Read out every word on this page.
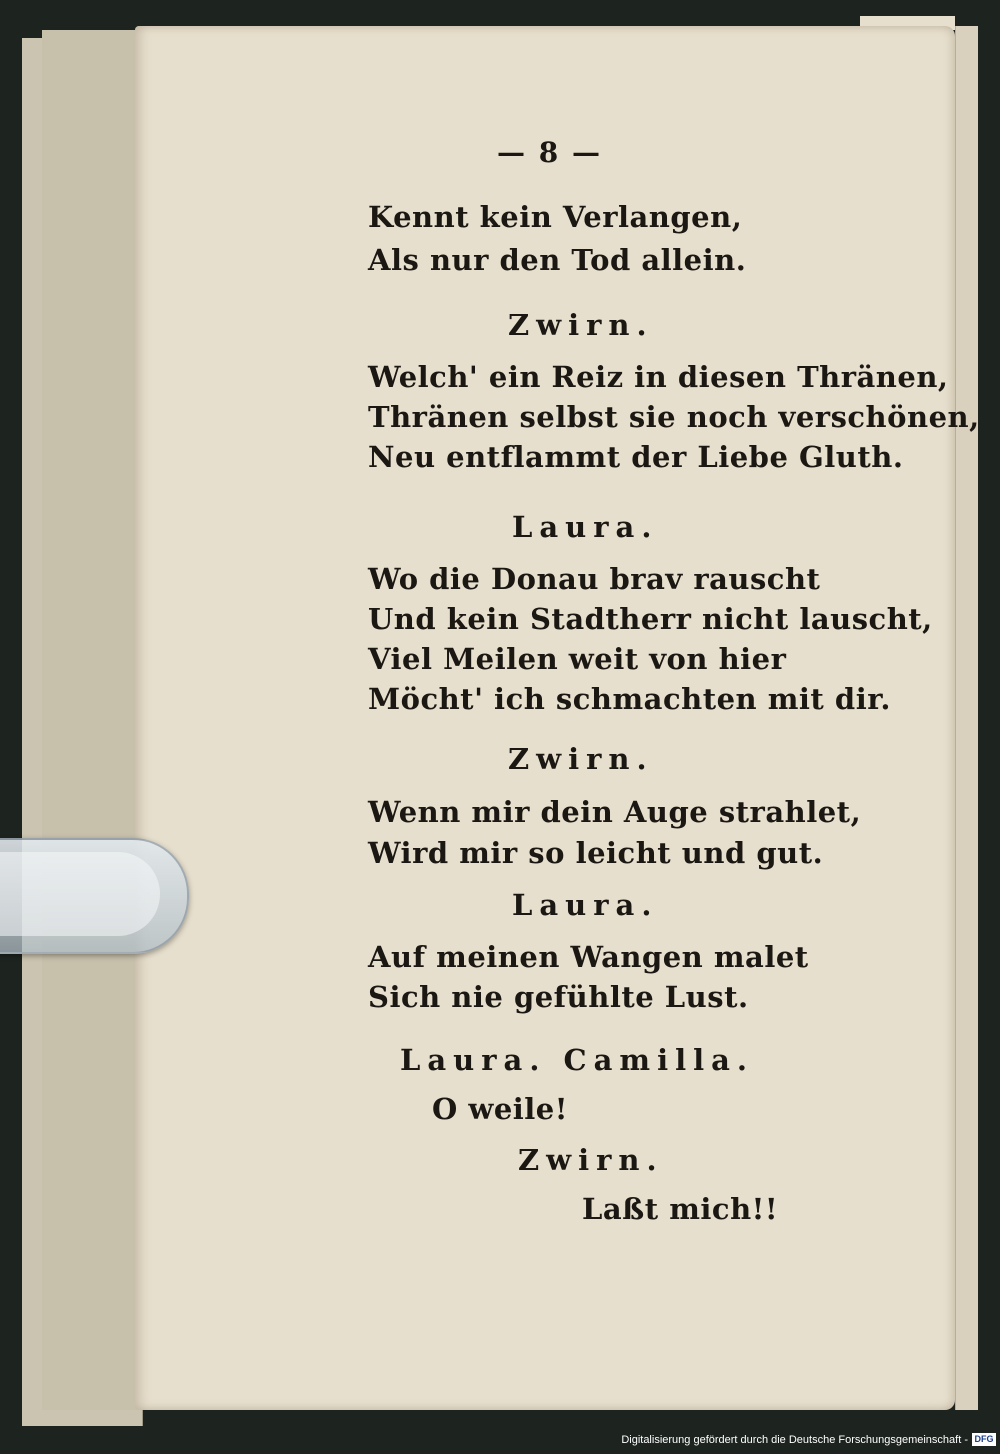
— 8 —
Kennt kein Verlangen,
Als nur den Tod allein.
Zwirn.
Welch' ein Reiz in diesen Thränen,
Thränen selbst sie noch verschönen,
Neu entflammt der Liebe Gluth.
Laura.
Wo die Donau brav rauscht
Und kein Stadtherr nicht lauscht,
Viel Meilen weit von hier
Möcht' ich schmachten mit dir.
Zwirn.
Wenn mir dein Auge strahlet,
Wird mir so leicht und gut.
Laura.
Auf meinen Wangen malet
Sich nie gefühlte Lust.
Laura. Camilla.
O weile!
Zwirn.
Laßt mich!!
Digitalisierung gefördert durch die Deutsche Forschungsgemeinschaft - DFG
